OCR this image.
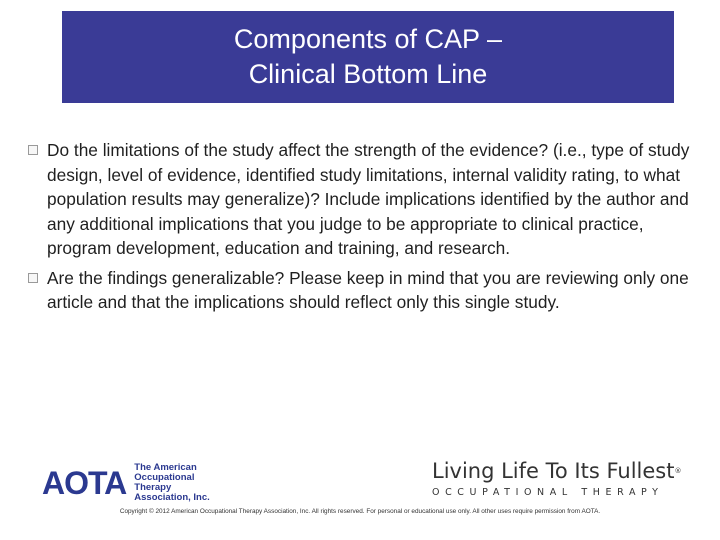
Components of CAP –
Clinical Bottom Line
Do the limitations of the study affect the strength of the evidence? (i.e., type of study design, level of evidence, identified study limitations, internal validity rating, to what population results may generalize)? Include implications identified by the author and any additional implications that you judge to be appropriate to clinical practice, program development, education and training, and research.
Are the findings generalizable? Please keep in mind that you are reviewing only one article and that the implications should reflect only this single study.
AOTA The American Occupational Therapy Association, Inc.
Living Life To Its Fullest®
OCCUPATIONAL THERAPY
Copyright © 2012 American Occupational Therapy Association, Inc. All rights reserved. For personal or educational use only. All other uses require permission from AOTA.
